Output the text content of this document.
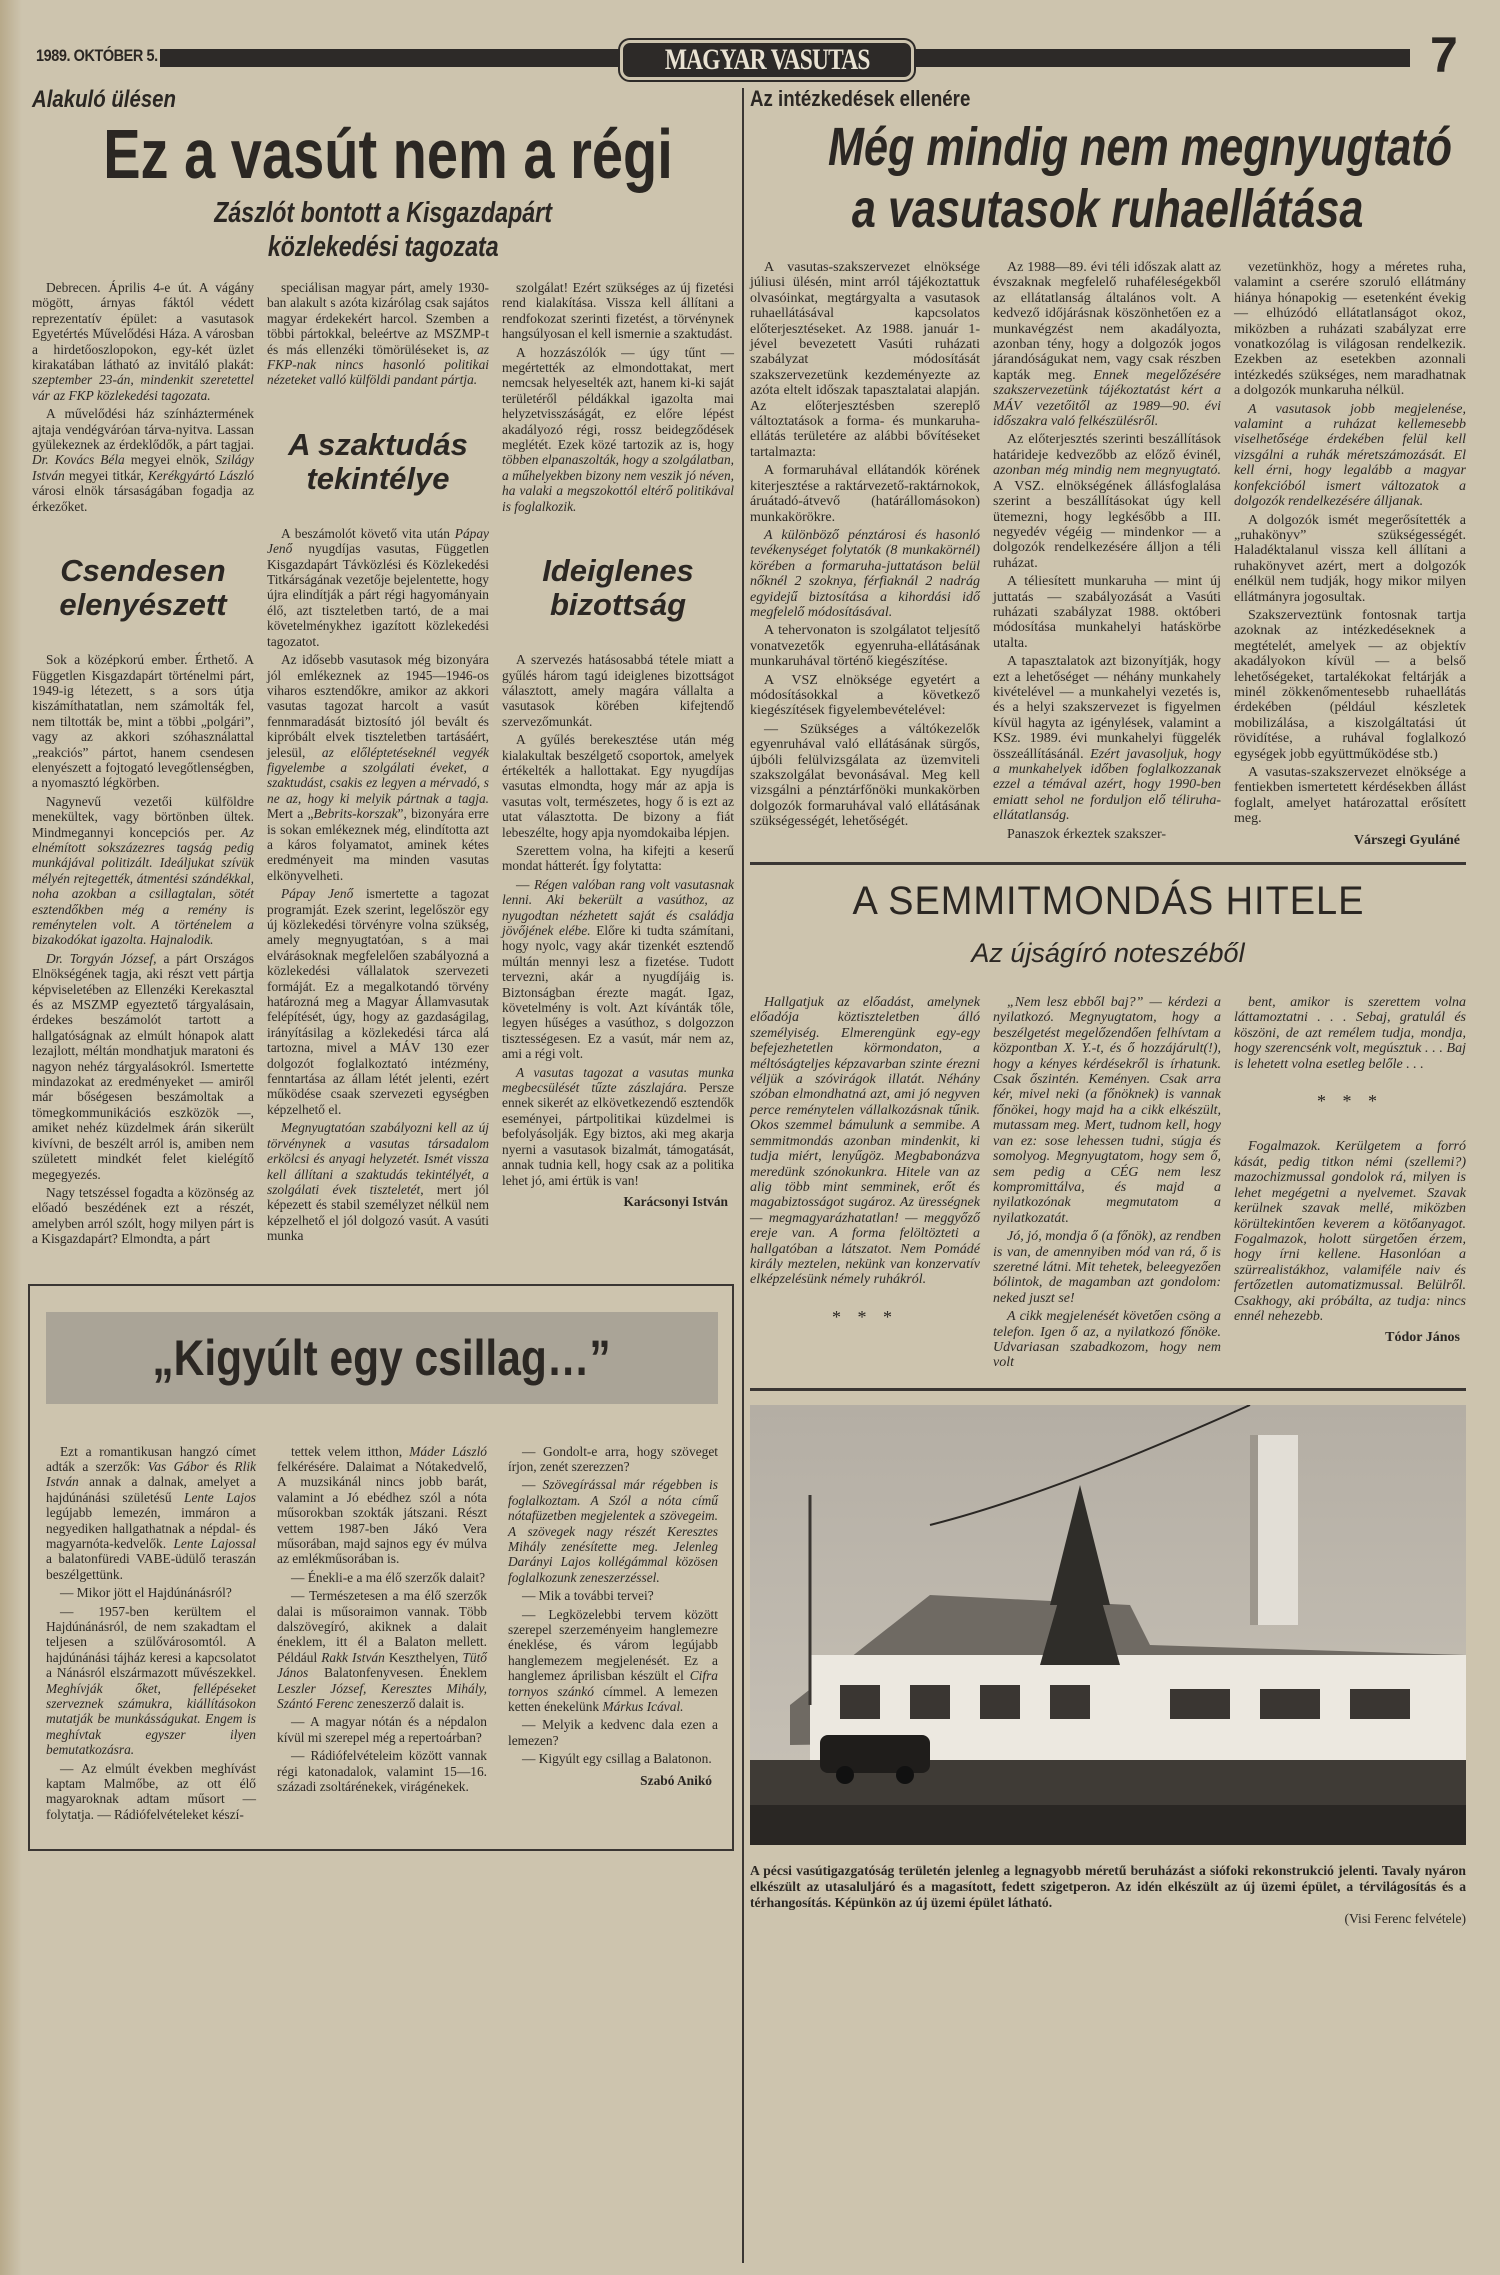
1989. OKTÓBER 5.	MAGYAR VASUTAS	7
Alakuló ülésen
Ez a vasút nem a régi
Zászlót bontott a Kisgazdapárt
közlekedési tagozata

Debrecen. Április 4-e út. A vágány mögött, árnyas fáktól védett reprezentatív épület: a vasutasok Egyetértés Művelődési Háza. A városban a hirdetőoszlopokon, egy-két üzlet kirakatában látható az invitáló plakát: szeptember 23-án, mindenkit szeretettel vár az FKP közlekedési tagozata.

A művelődési ház színháztermének ajtaja vendégváróan tárva-nyitva. Lassan gyülekeznek az érdeklődők, a párt tagjai. Dr. Kovács Béla megyei elnök, Szilágy István megyei titkár, Kerékgyártó László városi elnök társaságában fogadja az érkezőket.

Csendesen elenyészett

Sok a középkorú ember. Érthető. A Független Kisgazdapárt történelmi párt, 1949-ig létezett, s a sors útja kiszámíthatatlan, nem számolták fel, nem tiltották be, mint a többi „polgári”, vagy az akkori szóhasználattal „reakciós” pártot, hanem csendesen elenyészett a fojtogató levegőtlenségben, a nyomasztó légkörben.

Nagynevű vezetői külföldre menekültek, vagy börtönben ültek. Mindmegannyi koncepciós per. Az elnémított sokszázezres tagság pedig munkájával politizált. Ideáljukat szívük mélyén rejtegették, átmentési szándékkal, noha azokban a csillagtalan, sötét esztendőkben még a remény is reménytelen volt. A történelem a bizakodókat igazolta. Hajnalodik.

Dr. Torgyán József, a párt Országos Elnökségének tagja, aki részt vett pártja képviseletében az Ellenzéki Kerekasztal és az MSZMP egyeztető tárgyalásain, érdekes beszámolót tartott a hallgatóságnak az elmúlt hónapok alatt lezajlott, méltán mondhatjuk maratoni és nagyon nehéz tárgyalásokról. Ismertette mindazokat az eredményeket — amiről már bőségesen beszámoltak a tömegkommunikációs eszközök —, amiket nehéz küzdelmek árán sikerült kivívni, de beszélt arról is, amiben nem született mindkét felet kielégítő megegyezés.

Nagy tetszéssel fogadta a közönség az előadó beszédének ezt a részét, amelyben arról szólt, hogy milyen párt is a Kisgazdapárt? Elmondta, a párt

speciálisan magyar párt, amely 1930-ban alakult s azóta kizárólag csak sajátos magyar érdekekért harcol. Szemben a többi pártokkal, beleértve az MSZMP-t és más ellenzéki tömörüléseket is, az FKP-nak nincs hasonló politikai nézeteket valló külföldi pandant pártja.

A szaktudás tekintélye

A beszámolót követő vita után Pápay Jenő nyugdíjas vasutas, Független Kisgazdapárt Távközlési és Közlekedési Titkárságának vezetője bejelentette, hogy újra elindítják a párt régi hagyományain élő, azt tiszteletben tartó, de a mai követelménykhez igazított közlekedési tagozatot.

Az idősebb vasutasok még bizonyára jól emlékeznek az 1945—1946-os viharos esztendőkre, amikor az akkori vasutas tagozat harcolt a vasút fennmaradását biztosító jól bevált és kipróbált elvek tiszteletben tartásáért, jelesül, az előléptetéseknél vegyék figyelembe a szolgálati éveket, a szaktudást, csakis ez legyen a mérvadó, s ne az, hogy ki melyik pártnak a tagja. Mert a „Bebrits-korszak”, bizonyára erre is sokan emlékeznek még, elindította azt a káros folyamatot, aminek kétes eredményeit ma minden vasutas elkönyvelheti.

Pápay Jenő ismertette a tagozat programját. Ezek szerint, legelőször egy új közlekedési törvényre volna szükség, amely megnyugtatóan, s a mai elvárásoknak megfelelően szabályozná a közlekedési vállalatok szervezeti formáját. Ez a megalkotandó törvény határozná meg a Magyar Államvasutak felépítését, úgy, hogy az gazdaságilag, irányításilag a közlekedési tárca alá tartozna, mivel a MÁV 130 ezer dolgozót foglalkoztató intézmény, fenntartása az állam létét jelenti, ezért működése csaak szervezeti egységben képzelhető el.

Megnyugtatóan szabályozni kell az új törvénynek a vasutas társadalom erkölcsi és anyagi helyzetét. Ismét vissza kell állítani a szaktudás tekintélyét, a szolgálati évek tiszteletét, mert jól képezett és stabil személyzet nélkül nem képzelhető el jól dolgozó vasút. A vasúti munka

szolgálat! Ezért szükséges az új fizetési rend kialakítása. Vissza kell állítani a rendfokozat szerinti fizetést, a törvénynek hangsúlyosan el kell ismernie a szaktudást.

A hozzászólók — úgy tűnt — megértették az elmondottakat, mert nemcsak helyeselték azt, hanem ki-ki saját területéről példákkal igazolta mai helyzetvisszáságát, ez előre lépést akadályozó régi, rossz beidegződések meglétét. Ezek közé tartozik az is, hogy többen elpanaszolták, hogy a szolgálatban, a műhelyekben bizony nem veszik jó néven, ha valaki a megszokottól eltérő politikával is foglalkozik.

Ideiglenes bizottság

A szervezés hatásosabbá tétele miatt a gyűlés három tagú ideiglenes bizottságot választott, amely magára vállalta a vasutasok körében kifejtendő szervezőmunkát.

A gyűlés berekesztése után még kialakultak beszélgető csoportok, amelyek értékelték a hallottakat. Egy nyugdíjas vasutas elmondta, hogy már az apja is vasutas volt, természetes, hogy ő is ezt az utat választotta. De bizony a fiát lebeszélte, hogy apja nyomdokaiba lépjen.

Szerettem volna, ha kifejti a keserű mondat hátterét. Így folytatta:

— Régen valóban rang volt vasutasnak lenni. Aki bekerült a vasúthoz, az nyugodtan nézhetett saját és családja jövőjének elébe. Előre ki tudta számítani, hogy nyolc, vagy akár tizenkét esztendő múltán mennyi lesz a fizetése. Tudott tervezni, akár a nyugdíjáig is. Biztonságban érezte magát. Igaz, követelmény is volt. Azt kívánták tőle, legyen hűséges a vasúthoz, s dolgozzon tisztességesen. Ez a vasút, már nem az, ami a régi volt.

A vasutas tagozat a vasutas munka megbecsülését tűzte zászlajára. Persze ennek sikerét az elkövetkezendő esztendők eseményei, pártpolitikai küzdelmei is befolyásolják. Egy biztos, aki meg akarja nyerni a vasutasok bizalmát, támogatását, annak tudnia kell, hogy csak az a politika lehet jó, ami értük is van!

Karácsonyi István
„Kigyúlt egy csillag…”

Ezt a romantikusan hangzó címet adták a szerzők: Vas Gábor és Rlik István annak a dalnak, amelyet a hajdúnánási születésű Lente Lajos legújabb lemezén, immáron a negyediken hallgathatnak a népdal- és magyarnóta-kedvelők. Lente Lajossal a balatonfüredi VABE-üdülő teraszán beszélgettünk.

— Mikor jött el Hajdúnánásról?

— 1957-ben kerültem el Hajdúnánásról, de nem szakadtam el teljesen a szülővárosomtól. A hajdúnánási tájház keresi a kapcsolatot a Nánásról elszármazott művészekkel. Meghívják őket, fellépéseket szerveznek számukra, kiállításokon mutatják be munkásságukat. Engem is meghívtak egyszer ilyen bemutatkozásra.

— Az elmúlt években meghívást kaptam Malmőbe, az ott élő magyaroknak adtam műsort — folytatja. — Rádiófelvételeket készí-

tettek velem itthon, Máder László felkérésére. Dalaimat a Nótakedvelő, A muzsikánál nincs jobb barát, valamint a Jó ebédhez szól a nóta műsorokban szokták játszani. Részt vettem 1987-ben Jákó Vera műsorában, majd sajnos egy év múlva az emlékműsorában is.

— Énekli-e a ma élő szerzők dalait?

— Természetesen a ma élő szerzők dalai is műsoraimon vannak. Több dalszövegíró, akiknek a dalait éneklem, itt él a Balaton mellett. Például Rakk István Keszthelyen, Tütő János Balatonfenyvesen. Éneklem Leszler József, Keresztes Mihály, Szántó Ferenc zeneszerző dalait is.

— A magyar nótán és a népdalon kívül mi szerepel még a repertoárban?

— Rádiófelvételeim között vannak régi katonadalok, valamint 15—16. századi zsoltárénekek, virágénekek.

— Gondolt-e arra, hogy szöveget írjon, zenét szerezzen?

— Szövegírással már régebben is foglalkoztam. A Szól a nóta című nótafüzetben megjelentek a szövegeim. A szövegek nagy részét Keresztes Mihály zenésítette meg. Jelenleg Darányi Lajos kollégámmal közösen foglalkozunk zeneszerzéssel.

— Mik a további tervei?

— Legközelebbi tervem között szerepel szerzeményeim hanglemezre éneklése, és várom legújabb hanglemezem megjelenését. Ez a hanglemez áprilisban készült el Cifra tornyos szánkó címmel. A lemezen ketten énekelünk Márkus Icával.

— Melyik a kedvenc dala ezen a lemezen?

— Kigyúlt egy csillag a Balatonon.

Szabó Anikó
Az intézkedések ellenére
Még mindig nem megnyugtató
a vasutasok ruhaellátása

A vasutas-szakszervezet elnöksége júliusi ülésén, mint arról tájékoztattuk olvasóinkat, megtárgyalta a vasutasok ruhaellátásával kapcsolatos előterjesztéseket. Az 1988. január 1-jével bevezetett Vasúti ruházati szabályzat módosítását szakszervezetünk kezdeményezte az azóta eltelt időszak tapasztalatai alapján. Az előterjesztésben szereplő változtatások a forma- és munkaruha-ellátás területére az alábbi bővítéseket tartalmazta:

A formaruhával ellátandók körének kiterjesztése a raktárvezető-raktárnokok, áruátadó-átvevő (határállomásokon) munkakörökre.

A különböző pénztárosi és hasonló tevékenységet folytatók (8 munkakörnél) körében a formaruha-juttatáson belül nőknél 2 szoknya, férfiaknál 2 nadrág egyidejű biztosítása a kihordási idő megfelelő módosításával.

A tehervonaton is szolgálatot teljesítő vonatvezetők egyenruha-ellátásának munkaruhával történő kiegészítése.

A VSZ elnöksége egyetért a módosításokkal a következő kiegészítések figyelembevételével:

— Szükséges a váltókezelők egyenruhával való ellátásának sürgős, újbóli felülvizsgálata az üzemviteli szakszolgálat bevonásával. Meg kell vizsgálni a pénztárfőnöki munkakörben dolgozók formaruhával való ellátásának szükségességét, lehetőségét.

Az 1988—89. évi téli időszak alatt az évszaknak megfelelő ruhaféleségekből az ellátatlanság általános volt. A kedvező időjárásnak köszönhetően ez a munkavégzést nem akadályozta, azonban tény, hogy a dolgozók jogos járandóságukat nem, vagy csak részben kapták meg. Ennek megelőzésére szakszervezetünk tájékoztatást kért a MÁV vezetőitől az 1989—90. évi időszakra való felkészülésről.

Az előterjesztés szerinti beszállítások határideje kedvezőbb az előző évinél, azonban még mindig nem megnyugtató. A VSZ. elnökségének állásfoglalása szerint a beszállításokat úgy kell ütemezni, hogy legkésőbb a III. negyedév végéig — mindenkor — a dolgozók rendelkezésére álljon a téli ruházat.

A téliesített munkaruha — mint új juttatás — szabályozását a Vasúti ruházati szabályzat 1988. októberi módosítása munkahelyi hatáskörbe utalta.

A tapasztalatok azt bizonyítják, hogy ezt a lehetőséget — néhány munkahely kivételével — a munkahelyi vezetés is, és a helyi szakszervezet is figyelmen kívül hagyta az igénylések, valamint a KSz. 1989. évi munkahelyi függelék összeállításánál. Ezért javasoljuk, hogy a munkahelyek időben foglalkozzanak ezzel a témával azért, hogy 1990-ben emiatt sehol ne forduljon elő téliruha-ellátatlanság.

Panaszok érkeztek szakszer-

vezetünkhöz, hogy a méretes ruha, valamint a cserére szoruló ellátmány hiánya hónapokig — esetenként évekig — elhúzódó ellátatlanságot okoz, miközben a ruházati szabályzat erre vonatkozólag is világosan rendelkezik. Ezekben az esetekben azonnali intézkedés szükséges, nem maradhatnak a dolgozók munkaruha nélkül.

A vasutasok jobb megjelenése, valamint a ruházat kellemesebb viselhetősége érdekében felül kell vizsgálni a ruhák méretszámozását. El kell érni, hogy legalább a magyar konfekcióból ismert változatok a dolgozók rendelkezésére álljanak.

A dolgozók ismét megerősítették a „ruhakönyv” szükségességét. Haladéktalanul vissza kell állítani a ruhakönyvet azért, mert a dolgozók enélkül nem tudják, hogy mikor milyen ellátmányra jogosultak.

Szakszerveztünk fontosnak tartja azoknak az intézkedéseknek a megtételét, amelyek — az objektív akadályokon kívül — a belső lehetőségeket, tartalékokat feltárják a minél zökkenőmentesebb ruhaellátás érdekében (például készletek mobilizálása, a kiszolgáltatási út rövidítése, a ruhával foglalkozó egységek jobb együttműködése stb.)

A vasutas-szakszervezet elnöksége a fentiekben ismertetett kérdésekben állást foglalt, amelyet határozattal erősített meg.

Várszegi Gyuláné
A SEMMITMONDÁS HITELE
Az újságíró noteszéből

Hallgatjuk az előadást, amelynek előadója köztiszteletben álló személyiség. Elmerengünk egy-egy befejezhetetlen körmondaton, a méltóságteljes képzavarban szinte érezni véljük a szóvirágok illatát. Néhány szóban elmondhatná azt, ami jó negyven perce reménytelen vállalkozásnak tűnik. Okos szemmel bámulunk a semmibe. A semmitmondás azonban mindenkit, ki tudja miért, lenyűgöz. Megbabonázva meredünk szónokunkra. Hitele van az alig több mint semminek, erőt és magabiztosságot sugároz. Az ürességnek — megmagyarázhatatlan! — meggyőző ereje van. A forma felöltözteti a hallgatóban a látszatot. Nem Pomádé király meztelen, nekünk van konzervatív elképzelésünk némely ruhákról.

* * *

„Nem lesz ebből baj?” — kérdezi a nyilatkozó. Megnyugtatom, hogy a beszélgetést megelőzendően felhívtam a központban X. Y.-t, és ő hozzájárult(!), hogy a kényes kérdésekről is írhatunk. Csak őszintén. Keményen. Csak arra kér, mivel neki (a főnöknek) is vannak főnökei, hogy majd ha a cikk elkészült, mutassam meg. Mert, tudnom kell, hogy van ez: sose lehessen tudni, súgja és somolyog. Megnyugtatom, hogy sem ő, sem pedig a CÉG nem lesz kompromittálva, és majd a nyilatkozónak megmutatom a nyilatkozatát.

Jó, jó, mondja ő (a főnök), az rendben is van, de amennyiben mód van rá, ő is szeretné látni. Mit tehetek, beleegyezően bólintok, de magamban azt gondolom: neked juszt se!

A cikk megjelenését követően csöng a telefon. Igen ő az, a nyilatkozó főnöke. Udvariasan szabadkozom, hogy nem volt

bent, amikor is szerettem volna láttamoztatni . . . Sebaj, gratulál és köszöni, de azt remélem tudja, mondja, hogy szerencsénk volt, megúsztuk . . . Baj is lehetett volna esetleg belőle . . .

* * *

Fogalmazok. Kerülgetem a forró kását, pedig titkon némi (szellemi?) mazochizmussal gondolok rá, milyen is lehet megégetni a nyelvemet. Szavak kerülnek szavak mellé, miközben körültekintően keverem a kötőanyagot. Fogalmazok, holott sürgetően érzem, hogy írni kellene. Hasonlóan a szürrealistákhoz, valamiféle naiv és fertőzetlen automatizmussal. Belülről. Csakhogy, aki próbálta, az tudja: nincs ennél nehezebb.

Tódor János
A pécsi vasútigazgatóság területén jelenleg a legnagyobb méretű beruházást a siófoki rekonstrukció jelenti. Tavaly nyáron elkészült az utasaluljáró és a magasított, fedett szigetperon. Az idén elkészült az új üzemi épület, a térvilágosítás és a térhangosítás. Képünkön az új üzemi épület látható.
(Visi Ferenc felvétele)
